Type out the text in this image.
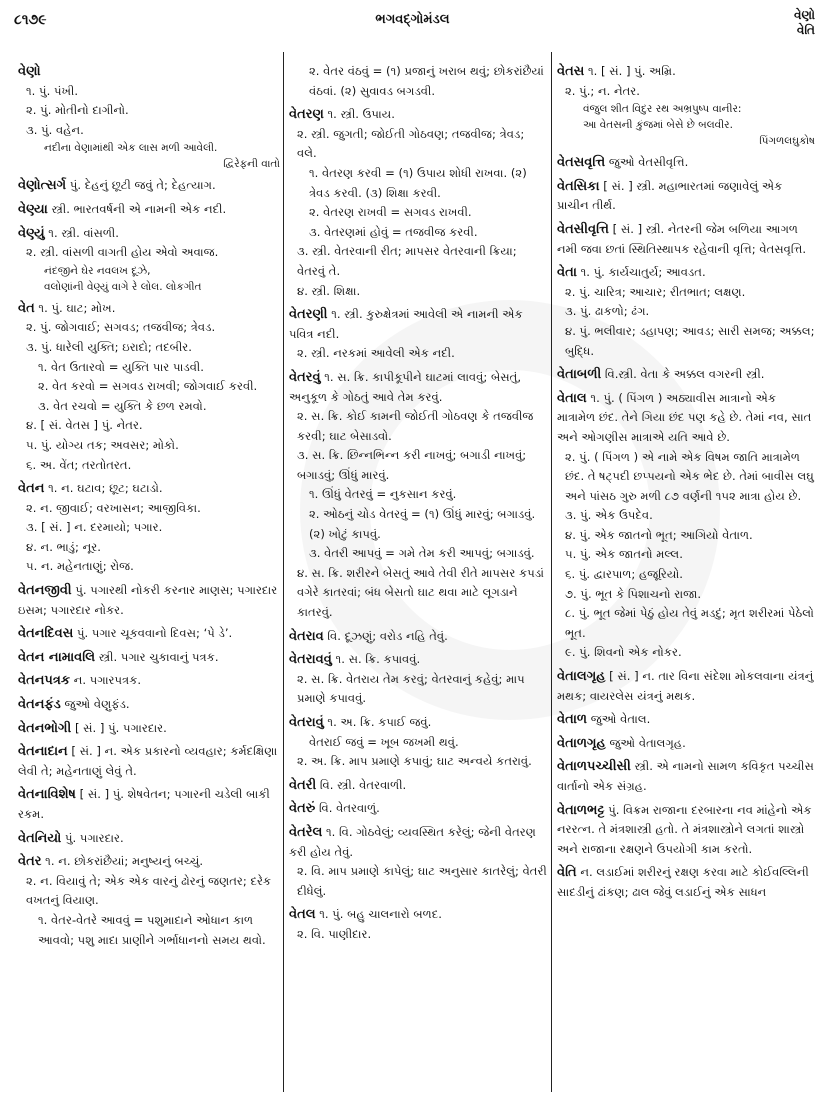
૮૧૭૯	ભગવદ્ગોમંડલ	વેણો
વેતિ
વેણો
૧. પું. પંખી.
૨. પું. મોતીનો દાગીનો.
૩. પું. વહેન.
નદીના વેણામાંથી એક લાસ મળી આવેલી.
દ્વિરેફની વાતો
વેણોત્સર્ગ પું. દેહનું છૂટી જવું તે; દેહત્યાગ.
વેણ્યા સ્ત્રી. ભારતવર્ષની એ નામની એક નદી.
વેણ્યું ૧. સ્ત્રી. વાંસળી.
૨. સ્ત્રી. વાંસળી વાગતી હોય એવો અવાજ.
નંદજીને ઘેર નવલખ દૂઝે,
વલોણાંની વેણ્યું વાગે રે લોલ. લોકગીત
વેત ૧. પું. ઘાટ; મોખ.
૨. પું. જોગવાઈ; સગવડ; તજવીજ; ત્રેવડ.
૩. પું. ધારેલી યુક્તિ; ઇરાદો; તદબીર.
૧. વેત ઉતારવો = યુક્તિ પાર પાડવી.
૨. વેત કરવો = સગવડ રાખવી; જોગવાઈ કરવી.
૩. વેત રચવો = યુક્તિ કે છળ રમવો.
૪. [ સં. વેતસ ] પું. નેતર.
૫. પું. યોગ્ય તક; અવસર; મોકો.
૬. અ. વેંત; તરતોતરત.
વેતન ૧. ન. ઘટાવ; છૂટ; ઘટાડો.
૨. ન. જીવાઈ; વરખાસન; આજીવિકા.
૩. [ સં. ] ન. દરમાયો; પગાર.
૪. ન. ભાડું; નૂર.
૫. ન. મહેનતાણું; રોજ.
વેતનજીવી પું. પગારથી નોકરી કરનાર માણસ; પગારદાર ઇસમ; પગારદાર નોકર.
વેતનદિવસ પું. પગાર ચૂકવવાનો દિવસ; ‘પે ડે’.
વેતન નામાવલિ સ્ત્રી. પગાર ચુકાવાનું પત્રક.
વેતનપત્રક ન. પગારપત્રક.
વેતનફંડ જુઓ વેણુફંડ.
વેતનભોગી [ સં. ] પું. પગારદાર.
વેતનાદાન [ સં. ] ન. એક પ્રકારનો વ્યવહાર; કર્મદક્ષિણા લેવી તે; મહેનતાણું લેવું તે.
વેતનાવિશેષ [ સં. ] પું. શેષવેતન; પગારની ચડેલી બાકી રકમ.
વેતનિયો પું. પગારદાર.
વેતર ૧. ન. છોકરાંછૈયાં; મનુષ્યનું બચ્ચું.
૨. ન. વિયાવું તે; એક એક વારનું ઢોરનું જણતર; દરેક વખતનું વિયાણ.
૧. વેતર-વેતરે આવવું = પશુમાદાને ઓધાન કાળ આવવો; પશુ માદા પ્રાણીને ગર્ભાધાનનો સમય થવો.
૨. વેતર વંઠવું = (૧) પ્રજાનું ખરાબ થવું; છોકરાંછૈયાં વંઠવાં. (૨) સુવાવડ બગડવી.
વેતરણ ૧. સ્ત્રી. ઉપાય.
૨. સ્ત્રી. જુગતી; જોઈતી ગોઠવણ; તજવીજ; ત્રેવડ; વલે.
૧. વેતરણ કરવી = (૧) ઉપાય શોધી રાખવા. (૨) ત્રેવડ કરવી. (૩) શિક્ષા કરવી.
૨. વેતરણ રાખવી = સગવડ રાખવી.
૩. વેતરણમાં હોવું = તજવીજ કરવી.
૩. સ્ત્રી. વેતરવાની રીત; માપસર વેતરવાની ક્રિયા; વેતરવું તે.
૪. સ્ત્રી. શિક્ષા.
વેતરણી ૧. સ્ત્રી. કુરુક્ષેત્રમાં આવેલી એ નામની એક પવિત્ર નદી.
૨. સ્ત્રી. નરકમાં આવેલી એક નદી.
વેતરવું ૧. સ. ક્રિ. કાપીકૂપીને ઘાટમાં લાવવું; બેસતું, અનુકૂળ કે ગોઠતું આવે તેમ કરવું.
૨. સ. ક્રિ. કોઈ કામની જોઈતી ગોઠવણ કે તજવીજ કરવી; ઘાટ બેસાડવો.
૩. સ. ક્રિ. છિન્નભિન્ન કરી નાખવું; બગાડી નાખવું; બગાડવું; ઊંધું મારવું.
૧. ઊંધું વેતરવું = નુકસાન કરવું.
૨. ઓઠનું ચોડ વેતરવું = (૧) ઊંધું મારવું; બગાડવું. (૨) ખોટું કાપવું.
૩. વેતરી આપવું = ગમે તેમ કરી આપવું; બગાડવું.
૪. સ. ક્રિ. શરીરને બેસતું આવે તેવી રીતે માપસર કપડાં વગેરે કાતરવાં; બંધ બેસતો ઘાટ થવા માટે લૂગડાને કાતરવું.
વેતરાવ વિ. દૂઝણું; વરોડ નહિ તેવું.
વેતરાવવું ૧. સ. ક્રિ. કપાવવું.
૨. સ. ક્રિ. વેતરાય તેમ કરવું; વેતરવાનું કહેવું; માપ પ્રમાણે કપાવવું.
વેતરાવું ૧. અ. ક્રિ. કપાઈ જવું.
વેતરાઈ જવું = ખૂબ જખમી થવું.
૨. અ. ક્રિ. માપ પ્રમાણે કપાવું; ઘાટ અન્વયે કતરાવું.
વેતરી વિ. સ્ત્રી. વેતરવાળી.
વેતરું વિ. વેતરવાળું.
વેતરેલ ૧. વિ. ગોઠવેલું; વ્યવસ્થિત કરેલું; જેની વેતરણ કરી હોય તેવું.
૨. વિ. માપ પ્રમાણે કાપેલું; ઘાટ અનુસાર કાતરેલું; વેતરી દીધેલું.
વેતલ ૧. પું. બહુ ચાલનારો બળદ.
૨. વિ. પાણીદાર.
વેતસ ૧. [ સં. ] પું. અમ્રિ.
૨. પું.; ન. નેતર.
વંજુલ શીત વિદુર રથ અભ્રપુષ્પ વાનીર:
આ વેતસની કુંજમાં બેસે છે બલવીર.
પિંગળલઘુકોષ
વેતસવૃત્તિ જુઓ વેતસીવૃત્તિ.
વેતસિકા [ સં. ] સ્ત્રી. મહાભારતમાં જણાવેલું એક પ્રાચીન તીર્થ.
વેતસીવૃત્તિ [ સં. ] સ્ત્રી. નેતરની જેમ બળિયા આગળ નમી જવા છતાં સ્થિતિસ્થાપક રહેવાની વૃત્તિ; વેતસવૃત્તિ.
વેતા ૧. પું. કાર્યચાતુર્ય; આવડત.
૨. પું. ચારિત્ર; આચાર; રીતભાત; લક્ષણ.
૩. પું. ઢાકળો; ઢંગ.
૪. પું. ભલીવાર; ડહાપણ; આવડ; સારી સમજ; અક્કલ; બુદ્ધિ.
વેતાબળી વિ.સ્ત્રી. વેતા કે અક્કલ વગરની સ્ત્રી.
વેતાલ ૧. પું. ( પિંગળ ) અઠ્યાવીસ માત્રાનો એક માત્રામેળ છંદ. તેને ગિયા છંદ પણ કહે છે. તેમાં નવ, સાત અને ઓગણીસ માત્રાએ યતિ આવે છે.
૨. પું. ( પિંગળ ) એ નામે એક વિષમ જાતિ માત્રામેળ છંદ. તે ષટ્પદી છપ્પયનો એક ભેદ છે. તેમાં બાવીસ લઘુ અને પાંસઠ ગુરુ મળી ૮૭ વર્ણની ૧૫૨ માત્રા હોય છે.
૩. પું. એક ઉપદેવ.
૪. પું. એક જાતનો ભૂત; આગિયો વેતાળ.
૫. પું. એક જાતનો મલ્લ.
૬. પું. દ્વારપાળ; હજૂરિયો.
૭. પું. ભૂત કે પિશાચનો રાજા.
૮. પું. ભૂત જેમાં પેઠું હોય તેવું મડદું; મૃત શરીરમાં પેઠેલો ભૂત.
૯. પું. શિવનો એક નોકર.
વેતાલગૃહ [ સં. ] ન. તાર વિના સંદેશા મોકલવાના યંત્રનું મથક; વાયરલેસ યંત્રનું મથક.
વેતાળ જુઓ વેતાલ.
વેતાળગૃહ જુઓ વેતાલગૃહ.
વેતાળપચ્ચીસી સ્ત્રી. એ નામનો સામળ કવિકૃત પચ્ચીસ વાર્તાનો એક સંગ્રહ.
વેતાળભટ્ટ પું. વિક્રમ રાજાના દરબારના નવ માંહેનો એક નરરત્ન. તે મંત્રશાસ્ત્રી હતો. તે મંત્રશાસ્ત્રોને લગતાં શાસ્ત્રો અને રાજાના રક્ષણને ઉપયોગી કામ કરતો.
વેતિ ન. લડાઈમાં શરીરનું રક્ષણ કરવા માટે કોઈવલ્લિની સાદડીનું ઢાંકણ; ઢાલ જેવું લડાઈનું એક સાધન
